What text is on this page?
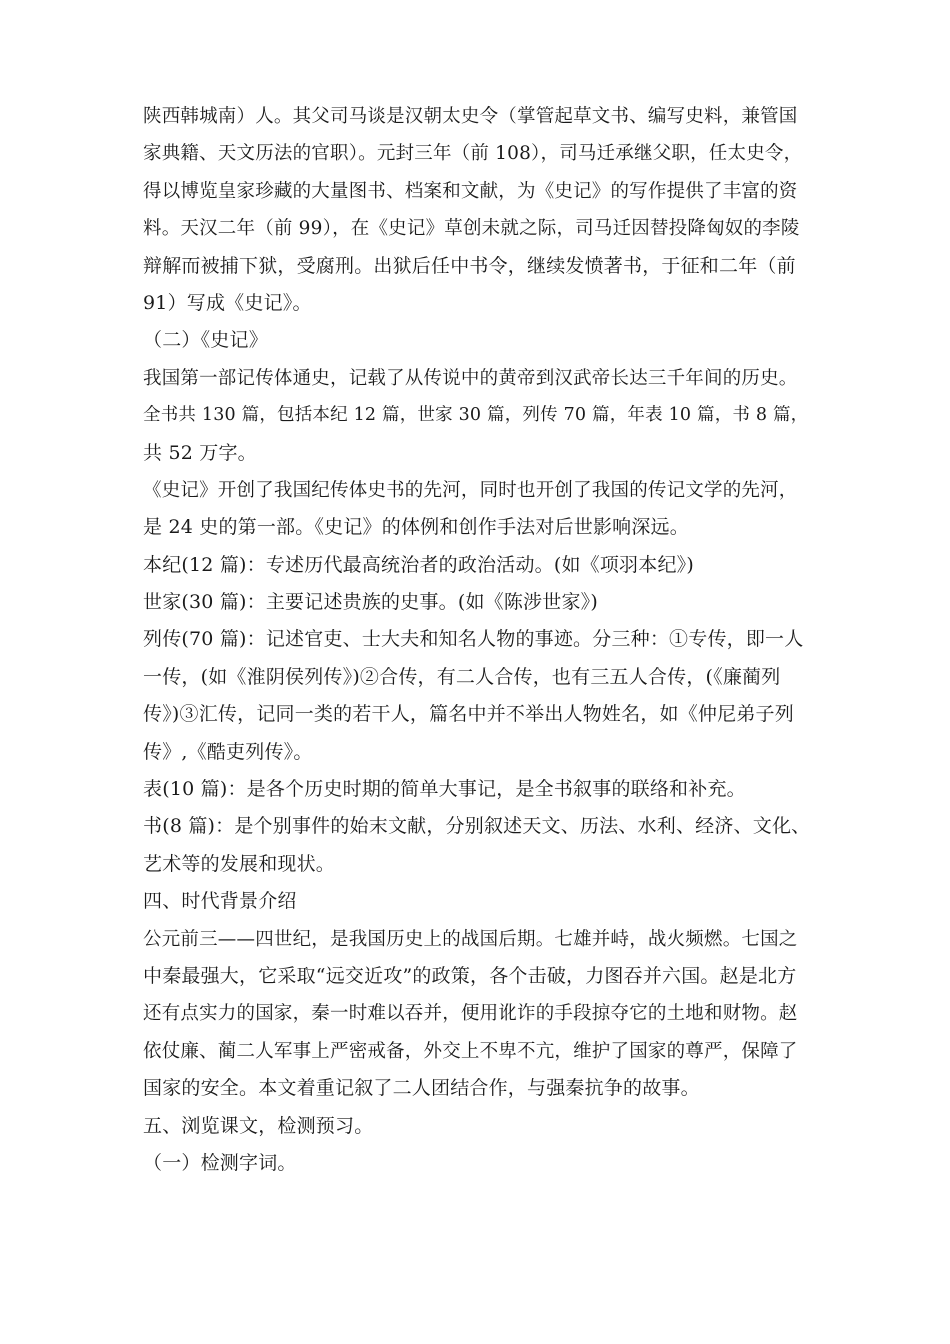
陕西韩城南）人。其父司马谈是汉朝太史令（掌管起草文书、编写史料，兼管国
家典籍、天文历法的官职）。元封三年（前 108），司马迁承继父职，任太史令，
得以博览皇家珍藏的大量图书、档案和文献，为《史记》的写作提供了丰富的资
料。天汉二年（前 99），在《史记》草创未就之际，司马迁因替投降匈奴的李陵
辩解而被捕下狱，受腐刑。出狱后任中书令，继续发愤著书，于征和二年（前
91）写成《史记》。
（二）《史记》
我国第一部记传体通史，记载了从传说中的黄帝到汉武帝长达三千年间的历史。
全书共 130 篇，包括本纪 12 篇，世家 30 篇，列传 70 篇，年表 10 篇，书 8 篇，
共 52 万字。
《史记》开创了我国纪传体史书的先河，同时也开创了我国的传记文学的先河，
是 24 史的第一部。《史记》的体例和创作手法对后世影响深远。
本纪(12 篇)：专述历代最高统治者的政治活动。(如《项羽本纪》)
世家(30 篇)：主要记述贵族的史事。(如《陈涉世家》)
列传(70 篇)：记述官吏、士大夫和知名人物的事迹。分三种：①专传，即一人
一传，(如《淮阴侯列传》)②合传，有二人合传，也有三五人合传，(《廉蔺列
传》)③汇传，记同一类的若干人，篇名中并不举出人物姓名，如《仲尼弟子列
传》,《酷吏列传》。
表(10 篇)：是各个历史时期的简单大事记，是全书叙事的联络和补充。
书(8 篇)：是个别事件的始末文献，分别叙述天文、历法、水利、经济、文化、
艺术等的发展和现状。
四、时代背景介绍
公元前三——四世纪，是我国历史上的战国后期。七雄并峙，战火频燃。七国之
中秦最强大，它采取“远交近攻”的政策，各个击破，力图吞并六国。赵是北方
还有点实力的国家，秦一时难以吞并，便用讹诈的手段掠夺它的土地和财物。赵
依仗廉、蔺二人军事上严密戒备，外交上不卑不亢，维护了国家的尊严，保障了
国家的安全。本文着重记叙了二人团结合作，与强秦抗争的故事。
五、浏览课文，检测预习。
（一）检测字词。
